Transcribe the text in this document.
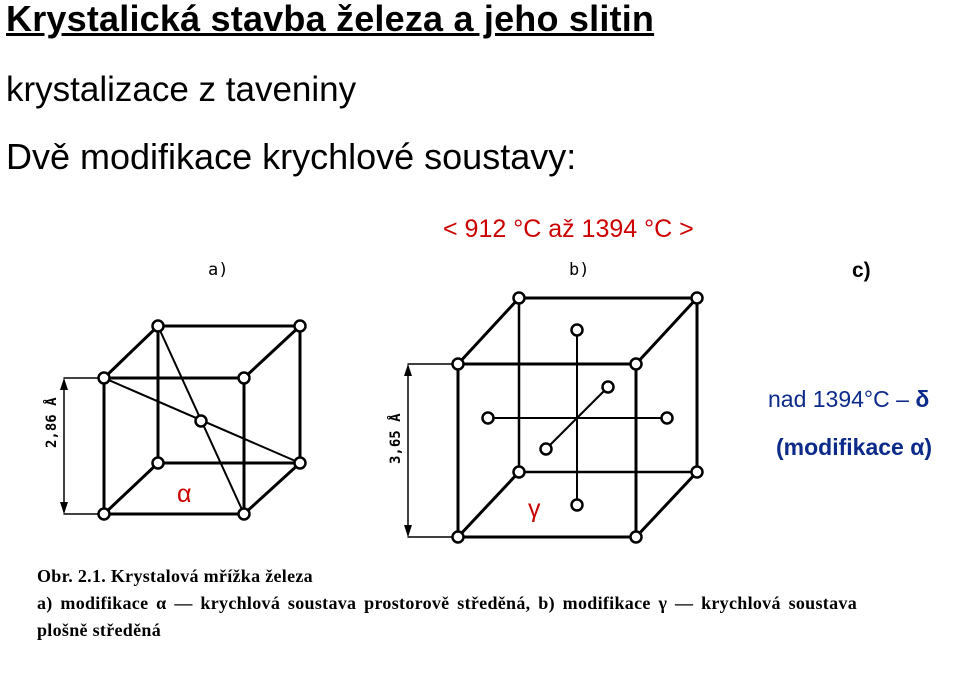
Krystalická stavba železa a jeho slitin
krystalizace z taveniny
Dvě modifikace krychlové soustavy:
< 912 °C až 1394 °C >
a)	b)	c)
2,86 Å	3,65 Å
α
γ
nad 1394°C – δ
(modifikace α)
Obr. 2.1. Krystalová mřížka železa
a) modifikace α — krychlová soustava prostorově středěná, b) modifikace γ — krychlová soustava
plošně středěná
